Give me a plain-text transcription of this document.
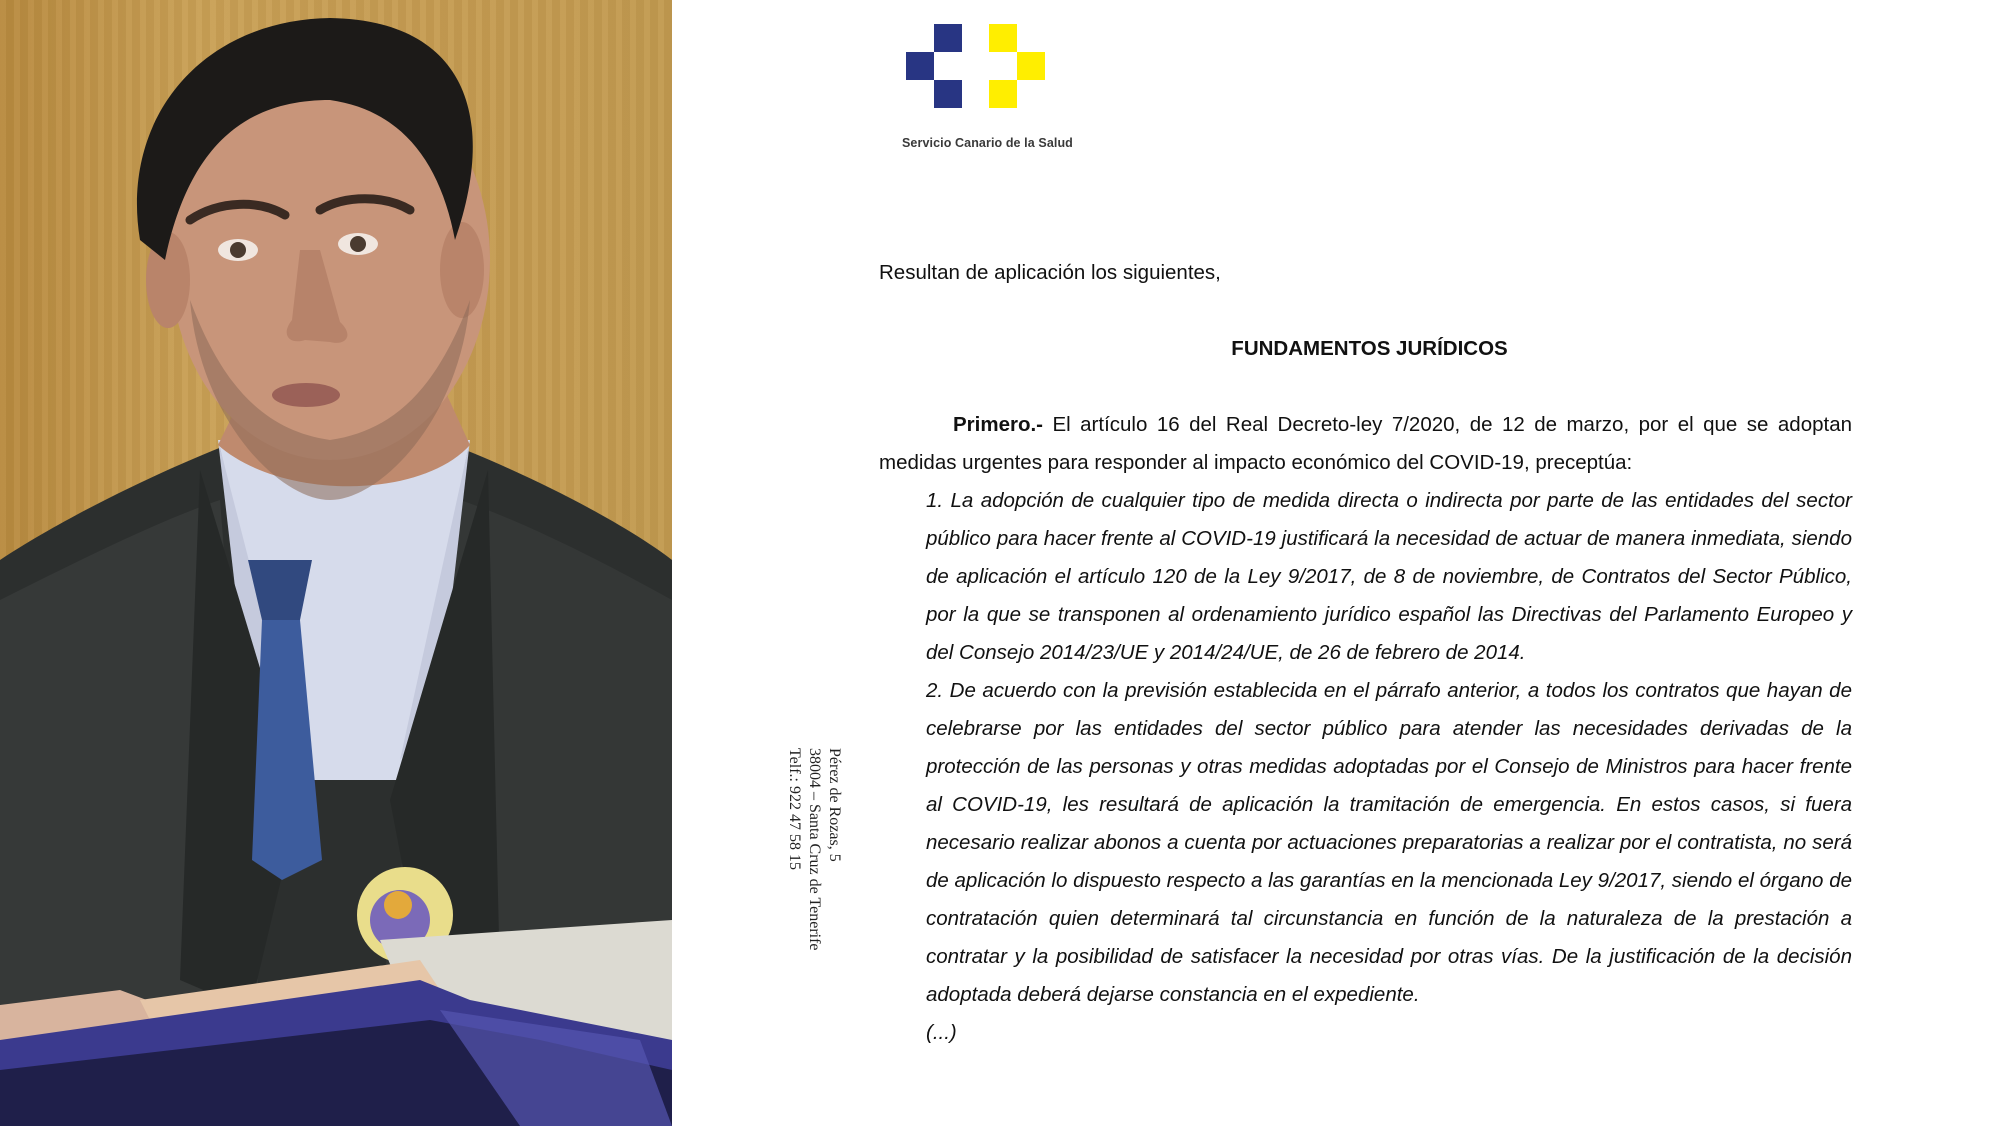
Servicio Canario de la Salud
Pérez de Rozas, 5
38004 – Santa Cruz de Tenerife
Telf.: 922 47 58 15

Resultan de aplicación los siguientes,

FUNDAMENTOS JURÍDICOS

Primero.- El artículo 16 del Real Decreto-ley 7/2020, de 12 de marzo, por el que se adoptan medidas urgentes para responder al impacto económico del COVID-19, preceptúa:

1. La adopción de cualquier tipo de medida directa o indirecta por parte de las entidades del sector público para hacer frente al COVID-19 justificará la necesidad de actuar de manera inmediata, siendo de aplicación el artículo 120 de la Ley 9/2017, de 8 de noviembre, de Contratos del Sector Público, por la que se transponen al ordenamiento jurídico español las Directivas del Parlamento Europeo y del Consejo 2014/23/UE y 2014/24/UE, de 26 de febrero de 2014.

2. De acuerdo con la previsión establecida en el párrafo anterior, a todos los contratos que hayan de celebrarse por las entidades del sector público para atender las necesidades derivadas de la protección de las personas y otras medidas adoptadas por el Consejo de Ministros para hacer frente al COVID-19, les resultará de aplicación la tramitación de emergencia. En estos casos, si fuera necesario realizar abonos a cuenta por actuaciones preparatorias a realizar por el contratista, no será de aplicación lo dispuesto respecto a las garantías en la mencionada Ley 9/2017, siendo el órgano de contratación quien determinará tal circunstancia en función de la naturaleza de la prestación a contratar y la posibilidad de satisfacer la necesidad por otras vías. De la justificación de la decisión adoptada deberá dejarse constancia en el expediente.

(...)
